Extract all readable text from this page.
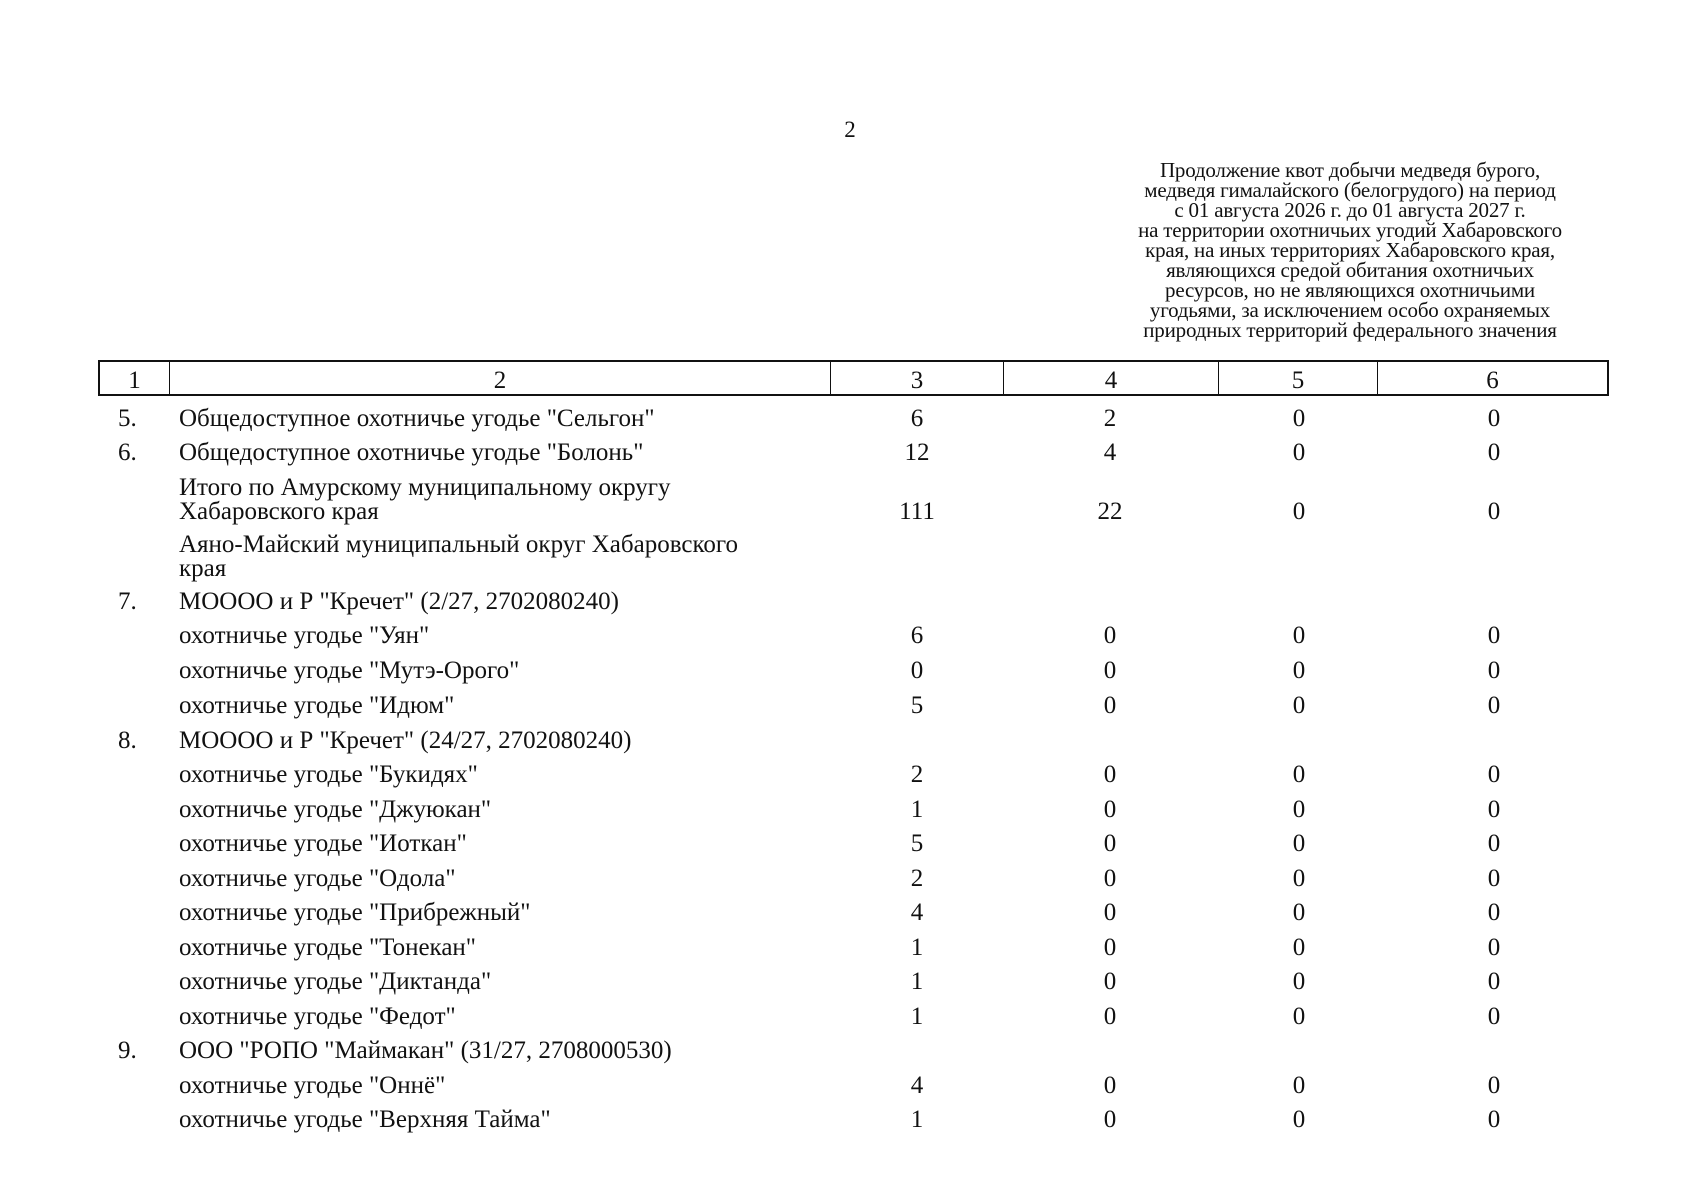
2
Продолжение квот добычи медведя бурого,
медведя гималайского (белогрудого) на период
с 01 августа 2026 г. до 01 августа 2027 г.
на территории охотничьих угодий Хабаровского
края, на иных территориях Хабаровского края,
являющихся средой обитания охотничьих
ресурсов, но не являющихся охотничьими
угодьями, за исключением особо охраняемых
природных территорий федерального значения
1	2	3	4	5	6
5.	Общедоступное охотничье угодье "Сельгон"	6	2	0	0
6.	Общедоступное охотничье угодье "Болонь"	12	4	0	0
Итого по Амурскому муниципальному округу
Хабаровского края	111	22	0	0
Аяно-Майский муниципальный округ Хабаровского
края
7.	МОООО и Р "Кречет" (2/27, 2702080240)
охотничье угодье "Уян"	6	0	0	0
охотничье угодье "Мутэ-Орого"	0	0	0	0
охотничье угодье "Идюм"	5	0	0	0
8.	МОООО и Р "Кречет" (24/27, 2702080240)
охотничье угодье "Букидях"	2	0	0	0
охотничье угодье "Джуюкан"	1	0	0	0
охотничье угодье "Иоткан"	5	0	0	0
охотничье угодье "Одола"	2	0	0	0
охотничье угодье "Прибрежный"	4	0	0	0
охотничье угодье "Тонекан"	1	0	0	0
охотничье угодье "Диктанда"	1	0	0	0
охотничье угодье "Федот"	1	0	0	0
9.	ООО "РОПО "Маймакан" (31/27, 2708000530)
охотничье угодье "Оннё"	4	0	0	0
охотничье угодье "Верхняя Тайма"	1	0	0	0
